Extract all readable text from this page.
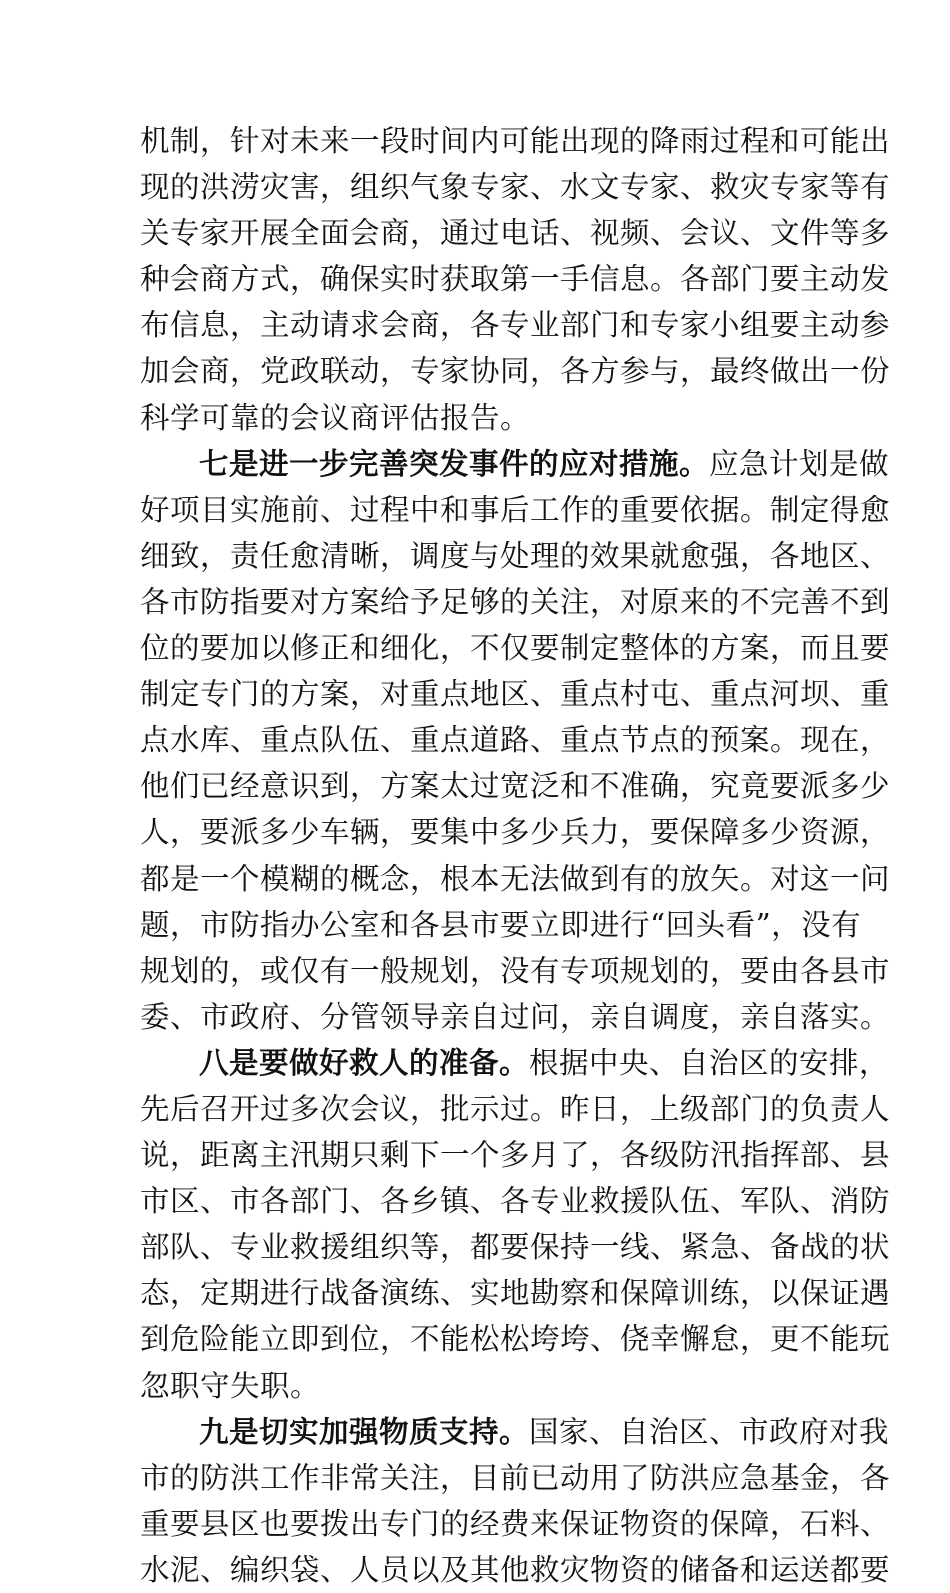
机制，针对未来一段时间内可能出现的降雨过程和可能出
现的洪涝灾害，组织气象专家、水文专家、救灾专家等有
关专家开展全面会商，通过电话、视频、会议、文件等多
种会商方式，确保实时获取第一手信息。各部门要主动发
布信息，主动请求会商，各专业部门和专家小组要主动参
加会商，党政联动，专家协同，各方参与，最终做出一份
科学可靠的会议商评估报告。
七是进一步完善突发事件的应对措施。应急计划是做
好项目实施前、过程中和事后工作的重要依据。制定得愈
细致，责任愈清晰，调度与处理的效果就愈强，各地区、
各市防指要对方案给予足够的关注，对原来的不完善不到
位的要加以修正和细化，不仅要制定整体的方案，而且要
制定专门的方案，对重点地区、重点村屯、重点河坝、重
点水库、重点队伍、重点道路、重点节点的预案。现在，
他们已经意识到，方案太过宽泛和不准确，究竟要派多少
人，要派多少车辆，要集中多少兵力，要保障多少资源，
都是一个模糊的概念，根本无法做到有的放矢。对这一问
题，市防指办公室和各县市要立即进行“回头看”，没有
规划的，或仅有一般规划，没有专项规划的，要由各县市
委、市政府、分管领导亲自过问，亲自调度，亲自落实。
八是要做好救人的准备。根据中央、自治区的安排，
先后召开过多次会议，批示过。昨日，上级部门的负责人
说，距离主汛期只剩下一个多月了，各级防汛指挥部、县
市区、市各部门、各乡镇、各专业救援队伍、军队、消防
部队、专业救援组织等，都要保持一线、紧急、备战的状
态，定期进行战备演练、实地勘察和保障训练，以保证遇
到危险能立即到位，不能松松垮垮、侥幸懈怠，更不能玩
忽职守失职。
九是切实加强物质支持。国家、自治区、市政府对我
市的防洪工作非常关注，目前已动用了防洪应急基金，各
重要县区也要拨出专门的经费来保证物资的保障，石料、
水泥、编织袋、人员以及其他救灾物资的储备和运送都要
